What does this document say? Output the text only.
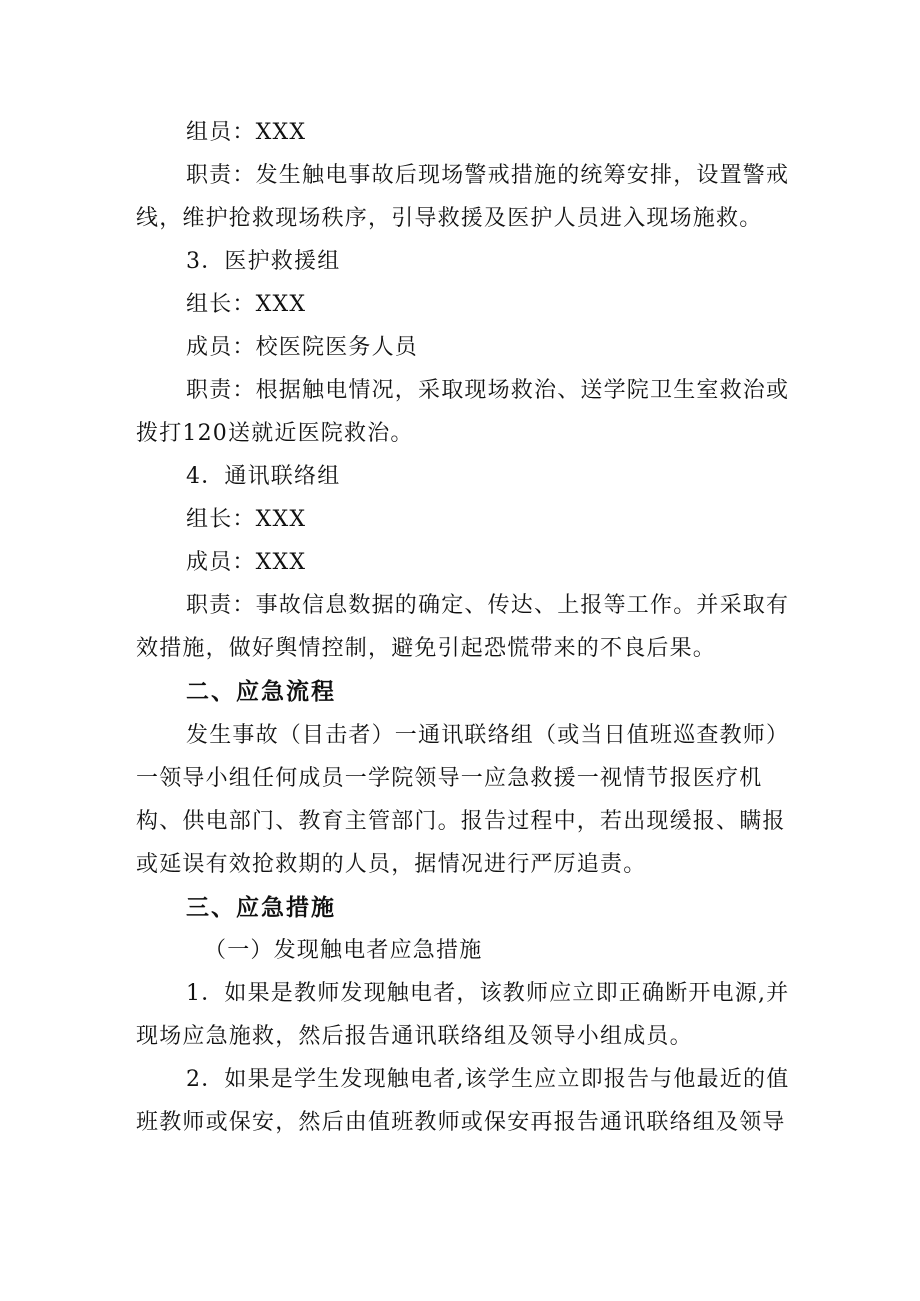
组员：XXX
职责：发生触电事故后现场警戒措施的统筹安排，设置警戒
线，维护抢救现场秩序，引导救援及医护人员进入现场施救。
3．医护救援组
组长：XXX
成员：校医院医务人员
职责：根据触电情况，采取现场救治、送学院卫生室救治或
拨打120送就近医院救治。
4．通讯联络组
组长：XXX
成员：XXX
职责：事故信息数据的确定、传达、上报等工作。并采取有
效措施，做好舆情控制，避免引起恐慌带来的不良后果。
二、应急流程
发生事故（目击者）一通讯联络组（或当日值班巡查教师）
一领导小组任何成员一学院领导一应急救援一视情节报医疗机
构、供电部门、教育主管部门。报告过程中，若出现缓报、瞒报
或延误有效抢救期的人员，据情况进行严厉追责。
三、应急措施
（一）发现触电者应急措施
1．如果是教师发现触电者，该教师应立即正确断开电源,并
现场应急施救，然后报告通讯联络组及领导小组成员。
2．如果是学生发现触电者,该学生应立即报告与他最近的值
班教师或保安，然后由值班教师或保安再报告通讯联络组及领导
